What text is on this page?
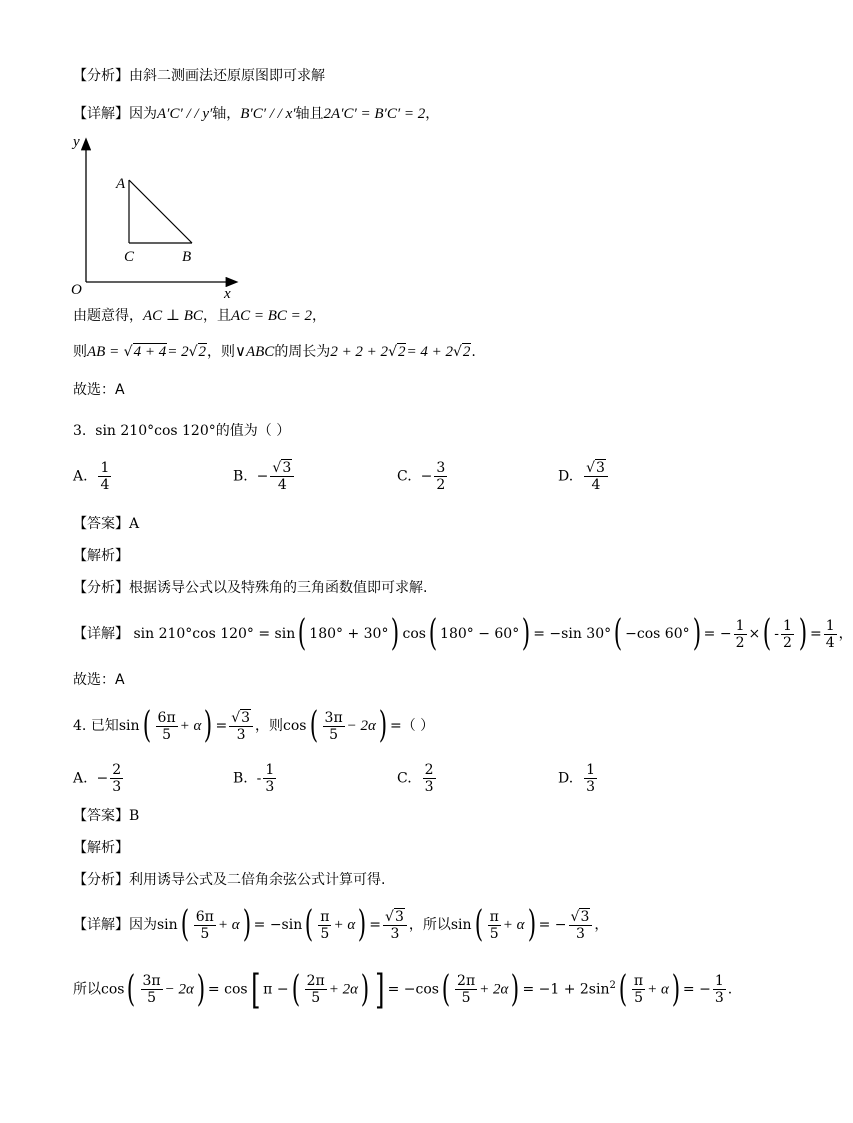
【分析】由斜二测画法还原原图即可求解
【详解】因为A′C′ / / y′轴，B′C′ / / x′轴且2A′C′ = B′C′ = 2，
y
A
C	B
O	x
由题意得，AC ⊥ BC，且AC = BC = 2，
则AB = √4 + 4= 2√2，则∨ABC的周长为2 + 2 + 2√2= 4 + 2√2.
故选：A
3. sin 210°cos 120°的值为（ ）
A. $\frac{1}{4}$	B. − $\frac{√3}{4}$	C. − $\frac{3}{2}$	D. $\frac{√3}{4}$
【答案】A
【解析】
【分析】根据诱导公式以及特殊角的三角函数值即可求解.
【详解】 sin 210°cos 120° = sin( 180° + 30°) cos( 180° − 60°) = −sin 30°( −cos 60°) = − $\frac{1}{2}$ ×( - $\frac{1}{2}$ ) = $\frac{1}{4}$ ，
故选：A
4. 已知$\sin( \frac{6\pi}{5} + \alpha) = \frac{√3}{3}$ ，则$\cos( \frac{3\pi}{5} - 2\alpha)$ =（ ）
A. − $\frac{2}{3}$	B. - $\frac{1}{3}$	C. $\frac{2}{3}$	D. $\frac{1}{3}$
【答案】B
【解析】
【分析】利用诱导公式及二倍角余弦公式计算可得.
【详解】因为$\sin( \frac{6\pi}{5} + \alpha) = -\sin( \frac{\pi}{5} + \alpha) = \frac{√3}{3}$ ，所以$\sin( \frac{\pi}{5} + \alpha)$ = − $\frac{√3}{3}$ ，
所以$\cos( \frac{3\pi}{5} - 2\alpha) = \cos$[ π −( $\frac{2\pi}{5} + 2\alpha$) ] = $-\cos( \frac{2\pi}{5} + 2\alpha) = -1 + 2\sin^2( \frac{\pi}{5} + \alpha)$ = − $\frac{1}{3}$ .
